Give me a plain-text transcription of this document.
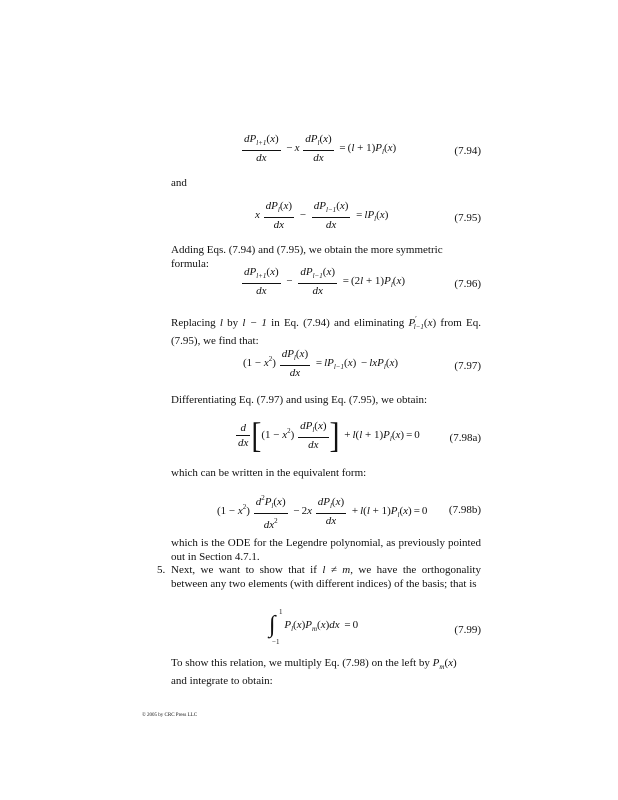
$\frac{dP_{l+1}(x)}{dx} - x \frac{dP_l(x)}{dx} = (l + 1)P_l(x)$	(7.94)
and
x $\frac{dP_l(x)}{dx} - \frac{dP_{l-1}(x)}{dx} = lP_l(x)$	(7.95)
Adding Eqs. (7.94) and (7.95), we obtain the more symmetric formula:
$\frac{dP_{l+1}(x)}{dx} - \frac{dP_{l-1}(x)}{dx} = (2l + 1)P_l(x)$	(7.96)
Replacing l by l − 1 in Eq. (7.94) and eliminating $P'_{l-1}(x)$ from Eq. (7.95), we find that:
$(1 - x^2) \frac{dP_l(x)}{dx} = lP_{l-1}(x) - lxP_l(x)$	(7.97)
Differentiating Eq. (7.97) and using Eq. (7.95), we obtain:
$\frac{d}{dx} [(1 - x^2) \frac{dP_l(x)}{dx}$ ] + $l(l + 1)P_l(x) = 0$	(7.98a)
which can be written in the equivalent form:
$(1 - x^2) \frac{d^2P_l(x)}{dx^2} - 2x \frac{dP_l(x)}{dx} + l(l + 1)P_l(x) = 0$ (7.98b)
which is the ODE for the Legendre polynomial, as previously pointed out in Section 4.7.1.
5. Next, we want to show that if l ≠ m, we have the orthogonality between any two elements (with different indices) of the basis; that is
∫ 1
−1
$P_l(x)P_m(x)dx = 0$	(7.99)
To show this relation, we multiply Eq. (7.98) on the left by $P_m(x)$
and integrate to obtain:
© 2005 by CRC Press LLC
